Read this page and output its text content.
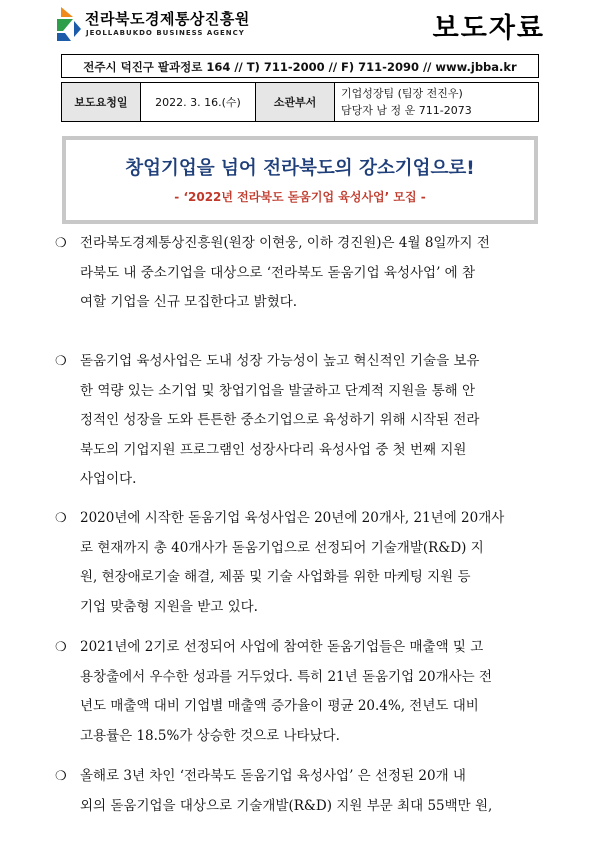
전라북도경제통상진흥원
JEOLLABUKDO BUSINESS AGENCY	보도자료
전주시 덕진구 팔과정로 164 // T) 711-2000 // F) 711-2090 // www.jbba.kr
보도요청일	2022. 3. 16.(수)	소관부서	
기업성장팀 (팀장 전진우)
담당자 남 정 운 711-2073
창업기업을 넘어 전라북도의 강소기업으로!
- ‘2022년 전라북도 돋움기업 육성사업’ 모집 -
❍ 전라북도경제통상진흥원(원장 이현웅, 이하 경진원)은 4월 8일까지 전
라북도 내 중소기업을 대상으로 ‘전라북도 돋움기업 육성사업’ 에 참
여할 기업을 신규 모집한다고 밝혔다.
❍ 돋움기업 육성사업은 도내 성장 가능성이 높고 혁신적인 기술을 보유
한 역량 있는 소기업 및 창업기업을 발굴하고 단계적 지원을 통해 안
정적인 성장을 도와 튼튼한 중소기업으로 육성하기 위해 시작된 전라
북도의 기업지원 프로그램인 성장사다리 육성사업 중 첫 번째 지원
사업이다.
❍ 2020년에 시작한 돋움기업 육성사업은 20년에 20개사, 21년에 20개사
로 현재까지 총 40개사가 돋움기업으로 선정되어 기술개발(R&D) 지
원, 현장애로기술 해결, 제품 및 기술 사업화를 위한 마케팅 지원 등
기업 맞춤형 지원을 받고 있다.
❍ 2021년에 2기로 선정되어 사업에 참여한 돋움기업들은 매출액 및 고
용창출에서 우수한 성과를 거두었다. 특히 21년 돋움기업 20개사는 전
년도 매출액 대비 기업별 매출액 증가율이 평균 20.4%, 전년도 대비
고용률은 18.5%가 상승한 것으로 나타났다.
❍ 올해로 3년 차인 ‘전라북도 돋움기업 육성사업’ 은 선정된 20개 내
외의 돋움기업을 대상으로 기술개발(R&D) 지원 부문 최대 55백만 원,
